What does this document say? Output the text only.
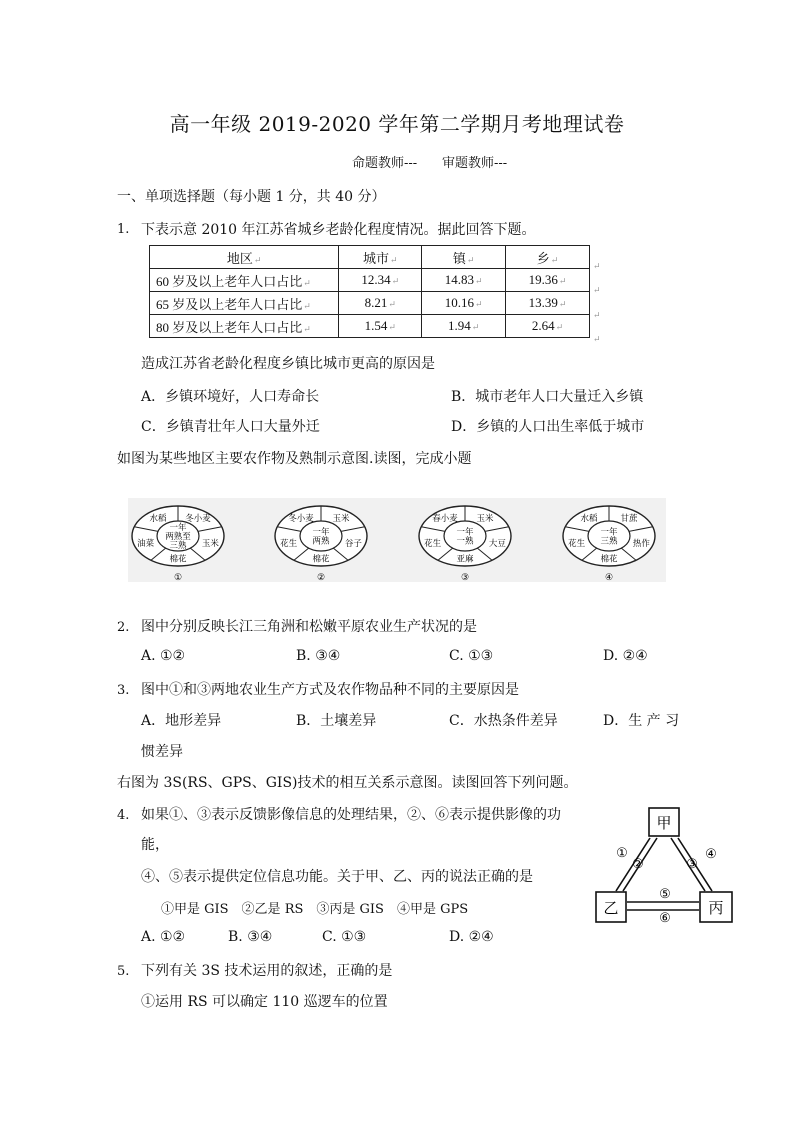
高一年级 2019-2020 学年第二学期月考地理试卷
命题教师---      审题教师---
一、单项选择题（每小题 1 分，共 40 分）
1. 下表示意 2010 年江苏省城乡老龄化程度情况。据此回答下题。
地区↵	城市↵	镇↵	乡↵
60 岁及以上老年人口占比↵	12.34↵	14.83↵	19.36↵
65 岁及以上老年人口占比↵	8.21↵	10.16↵	13.39↵
80 岁及以上老年人口占比↵	1.54↵	1.94↵	2.64↵
↵
↵
↵
↵
造成江苏省老龄化程度乡镇比城市更高的原因是
A．乡镇环境好，人口寿命长	B．城市老年人口大量迁入乡镇
C．乡镇青壮年人口大量外迁	D．乡镇的人口出生率低于城市
如图为某些地区主要农作物及熟制示意图.读图，完成小题
一年
两熟至
三熟
冬小麦
玉米
棉花
油菜
水稻
①
一年
两熟
玉米
谷子
棉花
花生
冬小麦
②
一年
一熟
玉米
大豆
亚麻
花生
春小麦
③
一年
三熟
甘蔗
热作
棉花
花生
水稻
④
2. 图中分别反映长江三角洲和松嫩平原农业生产状况的是
A. ①②	B. ③④	C. ①③	D. ②④
3. 图中①和③两地农业生产方式及农作物品种不同的主要原因是
A．地形差异	B．土壤差异	C．水热条件差异	D．生 产 习
惯差异
右图为 3S(RS、GPS、GIS)技术的相互关系示意图。读图回答下列问题。
4. 如果①、③表示反馈影像信息的处理结果，②、⑥表示提供影像的功
能，
④、⑤表示提供定位信息功能。关于甲、乙、丙的说法正确的是
①甲是 GIS　②乙是 RS　③丙是 GIS　④甲是 GPS
A. ①②	B. ③④	C. ①③	D. ②④
甲
乙	丙
①
②	③
④
⑤
⑥
5. 下列有关 3S 技术运用的叙述，正确的是
①运用 RS 可以确定 110 巡逻车的位置
